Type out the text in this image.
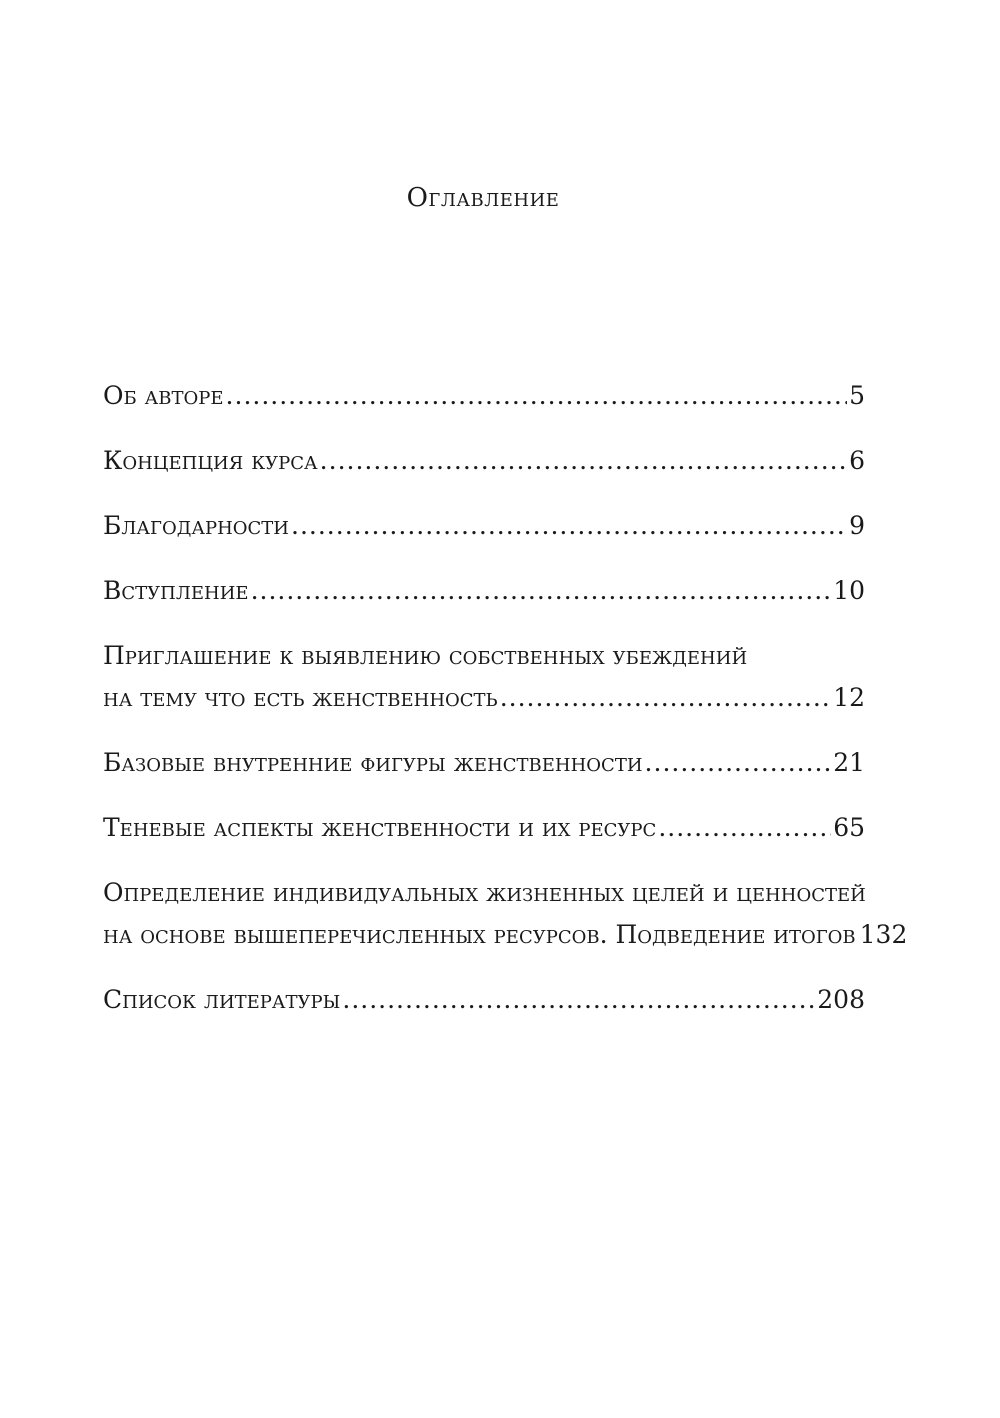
Оглавление
Об авторе .....	5
Концепция курса .....	6
Благодарности .....	9
Вступление .....	10
Приглашение к выявлению собственных убеждений
на тему что есть женственность .....	12
Базовые внутренние фигуры женственности .....	21
Теневые аспекты женственности и их ресурс .....	65
Определение индивидуальных жизненных целей и ценностей
на основе вышеперечисленных ресурсов. Подведение итогов 132
Список литературы .....	208
